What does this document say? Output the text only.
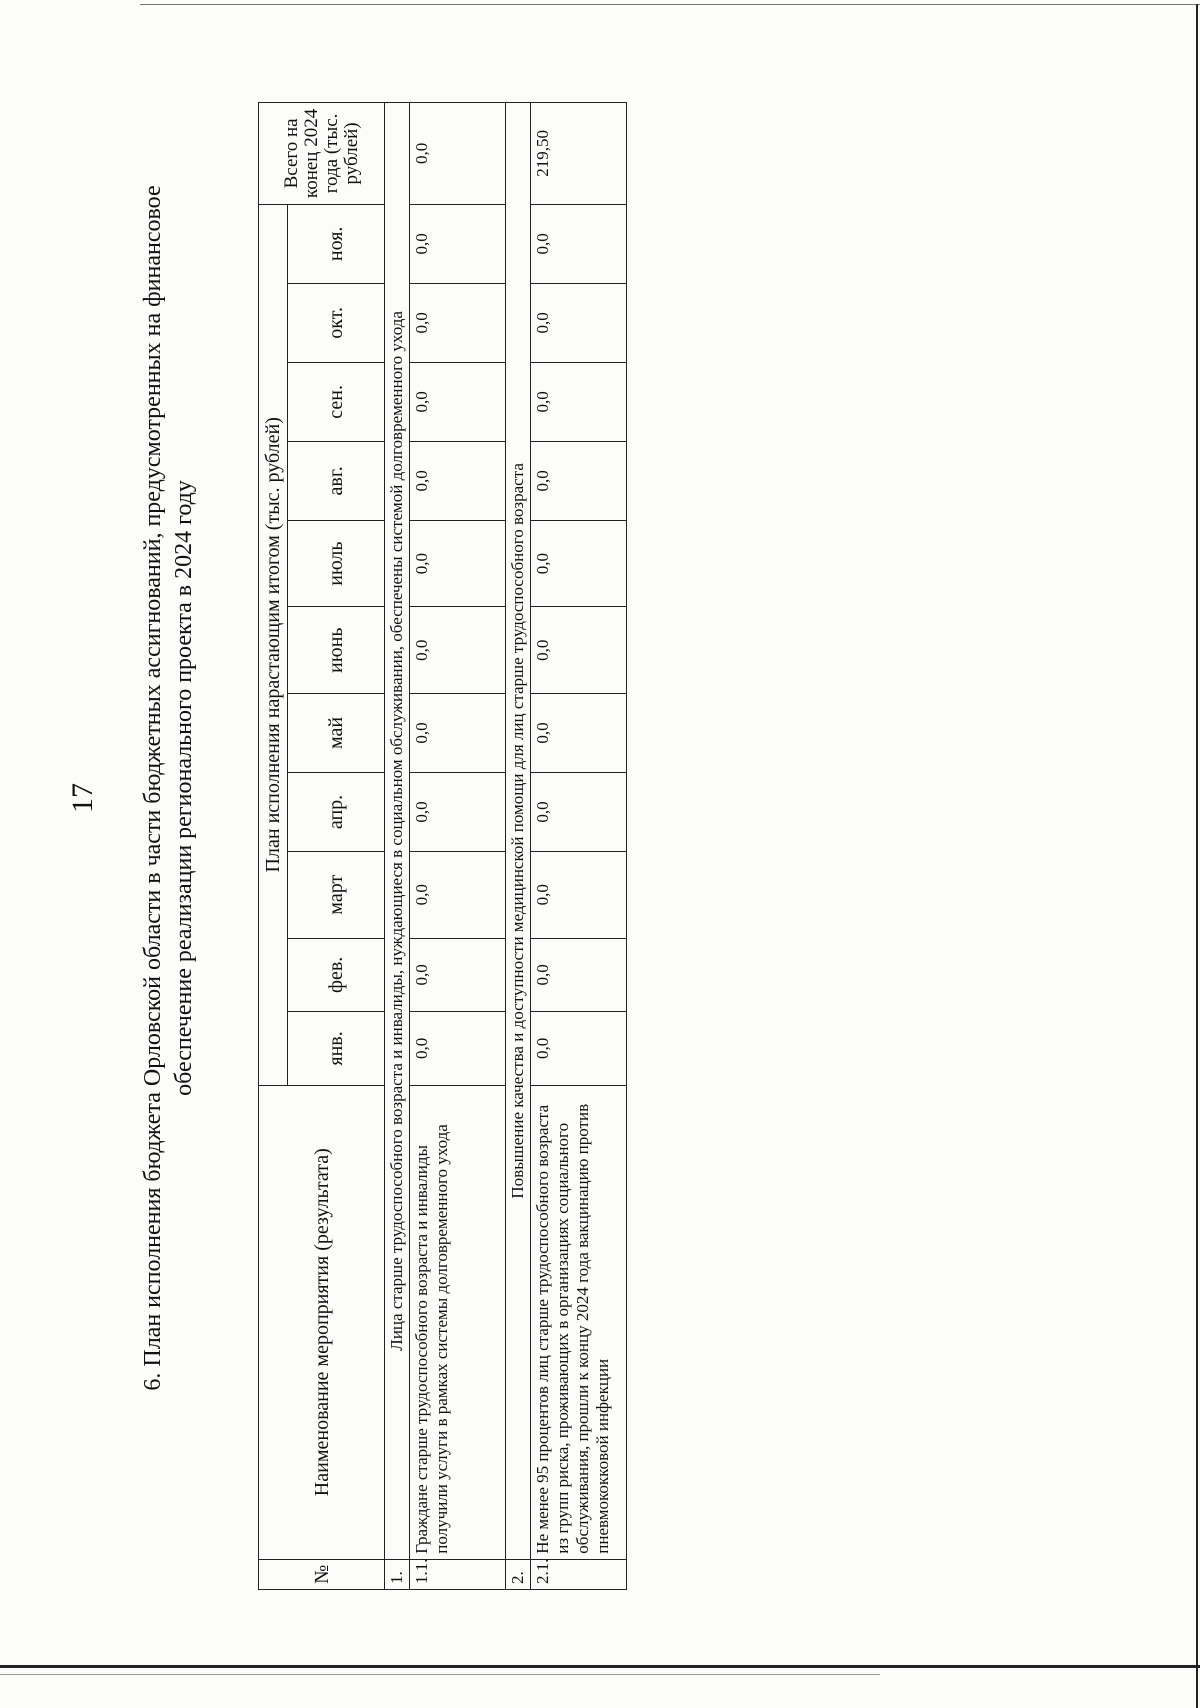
17 6. План исполнения бюджета Орловской области в части бюджетных ассигнований, предусмотренных на финансовое обеспечение реализации регионального проекта в 2024 году
№	Наименование мероприятия (результата)	План исполнения нарастающим итогом (тыс. рублей)											Всего на конец 2024 года (тыс. рублей)
		янв.	фев.	март	апр.	май	июнь	июль	авг.	сен.	окт.	ноя.	
1.	Лица старше трудоспособного возраста и инвалиды, нуждающиеся в социальном обслуживании, обеспечены системой долговременного ухода												
1.1.	Граждане старше трудоспособного возраста и инвалиды получили услуги в рамках системы долговременного ухода	0,0	0,0	0,0	0,0	0,0	0,0	0,0	0,0	0,0	0,0	0,0	0,0
2.	Повышение качества и доступности медицинской помощи для лиц старше трудоспособного возраста												
2.1.	Не менее 95 процентов лиц старше трудоспособного возраста из групп риска, проживающих в организациях социального обслуживания, прошли к концу 2024 года вакцинацию против пневмококковой инфекции	0,0	0,0	0,0	0,0	0,0	0,0	0,0	0,0	0,0	0,0	0,0	219,50
